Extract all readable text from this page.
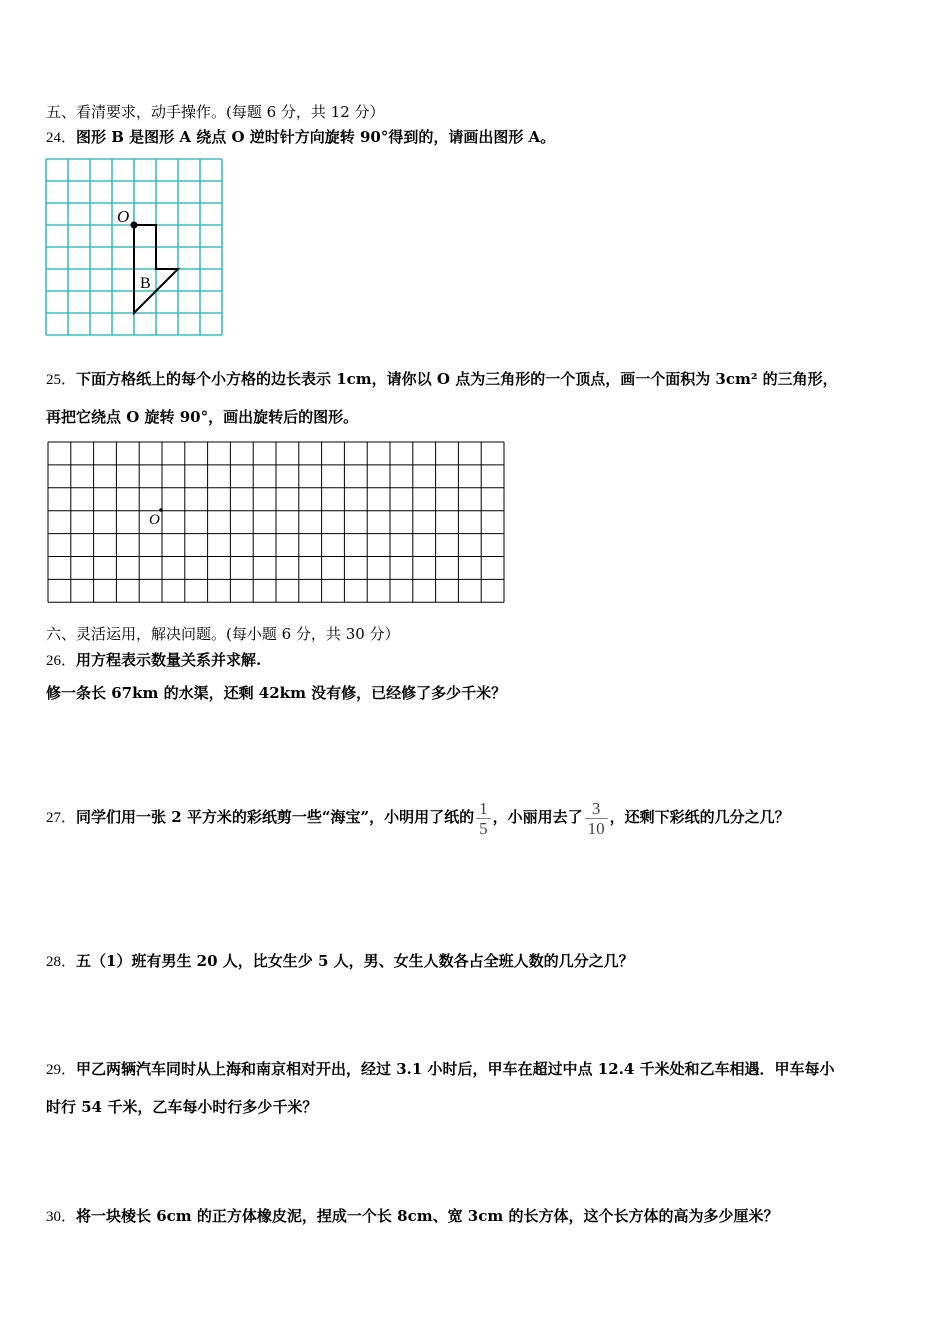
五、看清要求，动手操作。(每题 6 分，共 12 分）
24．图形 B 是图形 A 绕点 O 逆时针方向旋转 90°得到的，请画出图形 A。
O
B
25．下面方格纸上的每个小方格的边长表示 1cm，请你以 O 点为三角形的一个顶点，画一个面积为 3cm² 的三角形，
再把它绕点 O 旋转 90°，画出旋转后的图形。
O
六、灵活运用，解决问题。(每小题 6 分，共 30 分）
26．用方程表示数量关系并求解.
修一条长 67km 的水渠，还剩 42km 没有修，已经修了多少千米？
27．同学们用一张 2 平方米的彩纸剪一些“海宝”，小明用了纸的 $\frac{1}{5}$ ，小丽用去了 $\frac{3}{10}$ ，还剩下彩纸的几分之几？
28．五（1）班有男生 20 人，比女生少 5 人，男、女生人数各占全班人数的几分之几？
29．甲乙两辆汽车同时从上海和南京相对开出，经过 3.1 小时后，甲车在超过中点 12.4 千米处和乙车相遇．甲车每小
时行 54 千米，乙车每小时行多少千米？
30．将一块棱长 6cm 的正方体橡皮泥，捏成一个长 8cm、宽 3cm 的长方体，这个长方体的高为多少厘米？
